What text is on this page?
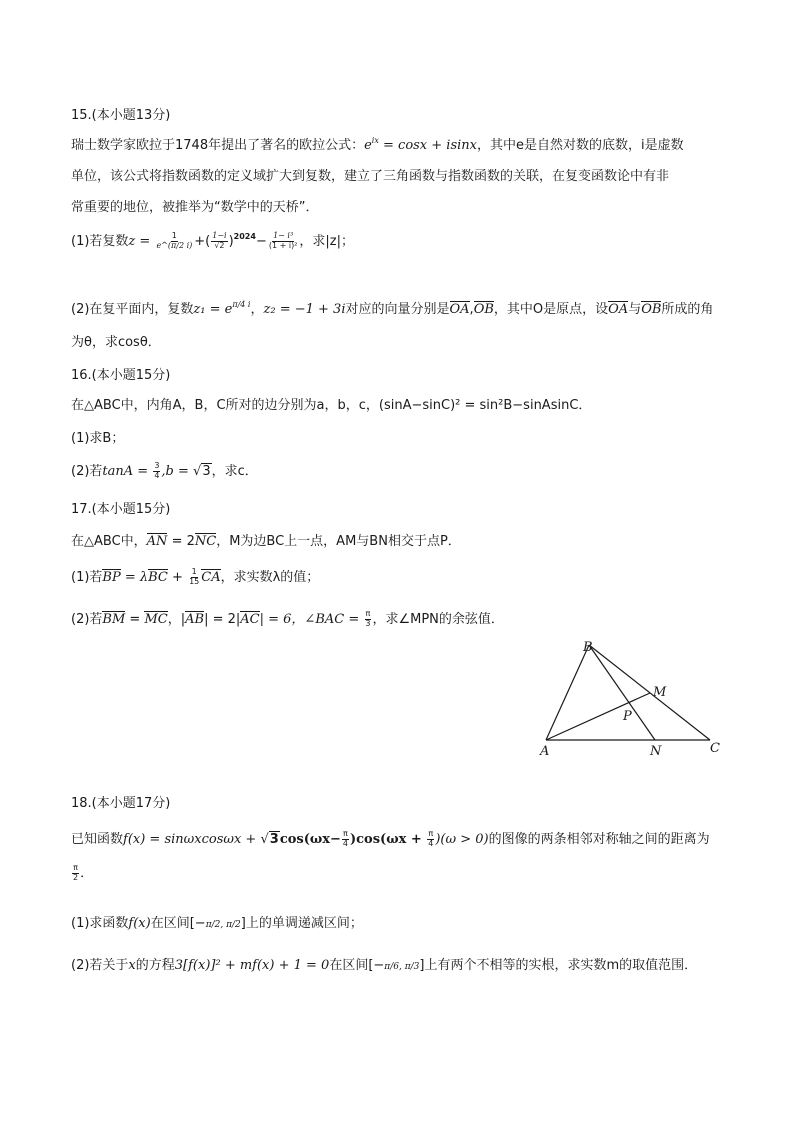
15.(本小题13分)
瑞士数学家欧拉于1748年提出了著名的欧拉公式：$e^{ix} = \cos x + isinx$，其中e是自然对数的底数，i是虚数
单位，该公式将指数函数的定义域扩大到复数，建立了三角函数与指数函数的关联，在复变函数论中有非
常重要的地位，被推举为“数学中的天桥”．
(1)若复数$z = \frac{1}{e\^{}(\pi/2 i)}$ +( $\frac{1-i}{√2} )^{2024}- \frac{\text{1− i³}}{\text{(1 + i)²}}$ ，求|z|；
(2)在复平面内，复数$z_1 = e^{\pi/4 i}$，z₂ = −1 + 3i对应的向量分别是OA,OB，其中O是原点，设OA与OB所成的角
为θ，求cosθ．
16.(本小题15分)
在△ABC中，内角A，B，C所对的边分别为a，b，c，(sinA−sinC)² = sin²B−sinAsinC．
(1)求B；
(2)若$\tan A = \frac{3}{4} ,b = √3$，求c．
17.(本小题15分)
在△ABC中，AN = 2NC，M为边BC上一点，AM与BN相交于点P．
(1)若BP = $\lambda BC + \frac{1}{15}$ CA，求实数λ的值；
(2)若BM = MC，|AB| = 2|AC| = 6，∠BAC = $\frac{\pi}{3}$ ，求∠MPN的余弦值．
B
M
P
A	N	C
18.(本小题17分)
已知函数$f(x) = \sin\omega xcos\omega x + √3\cos(\omega x- \frac{\pi}{4} )\cos(\omega x + \frac{\pi}{4} )(\omega > 0)$的图像的两条相邻对称轴之间的距离为
$\frac{\pi}{2}$ ．
(1)求函数f(x)在区间[−π/2, π/2]上的单调递减区间；
(2)若关于x的方程3[f(x)]² + mf(x) + 1 = 0在区间[−π/6, π/3]上有两个不相等的实根，求实数m的取值范围．
